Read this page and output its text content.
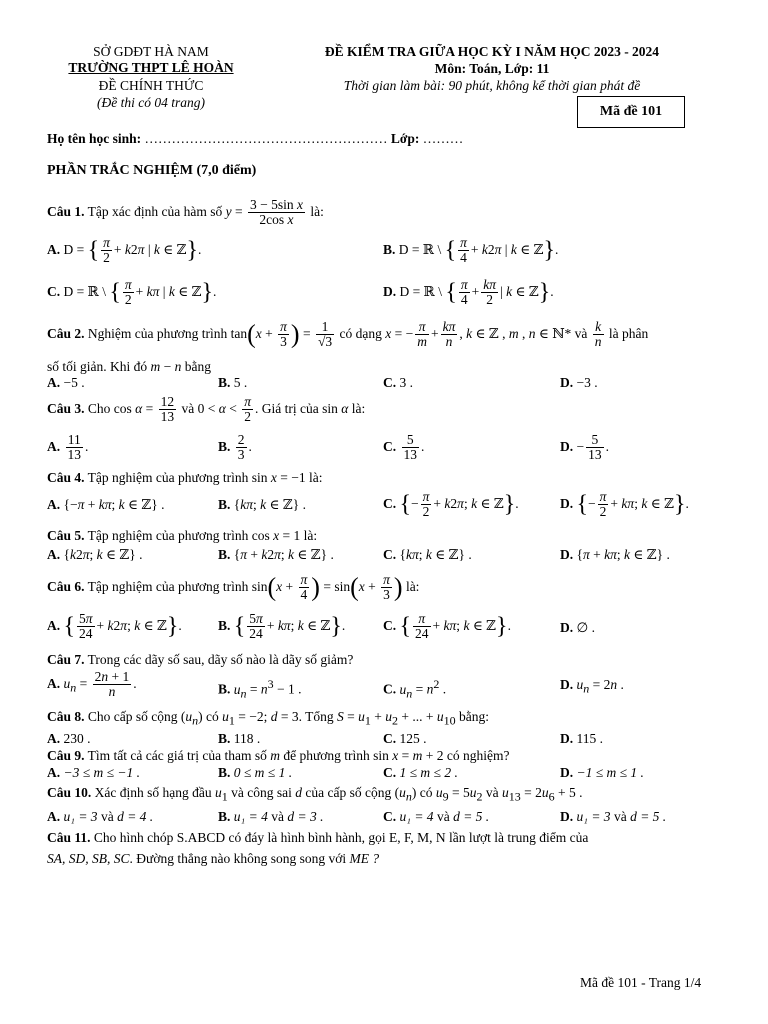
SỞ GDĐT HÀ NAM
TRƯỜNG THPT LÊ HOÀN
ĐỀ CHÍNH THỨC
(Đề thi có 04 trang)
ĐỀ KIỂM TRA GIỮA HỌC KỲ I NĂM HỌC 2023 - 2024
Môn: Toán, Lớp: 11
Thời gian làm bài: 90 phút, không kể thời gian phát đề
Mã đề 101
Họ tên học sinh: ……………………………………………… Lớp: ………
PHẦN TRẮC NGHIỆM (7,0 điểm)
Câu 1. Tập xác định của hàm số $y = \frac{\text{3 − 5sin x}}{\text{2cos x}}$ là:
A. D = { $\frac{\pi}{2} + k2\pi$ | k ∈ ℤ}.	B. D = ℝ \ { $\frac{\pi}{4} + k2\pi$ | k ∈ ℤ}.
C. D = ℝ \ { $\frac{\pi}{2} + k\pi$ | k ∈ ℤ}.	D. D = ℝ \ { $\frac{\pi}{4} + \frac{k\pi}{2}$ | k ∈ ℤ}.
Câu 2. Nghiệm của phương trình $\tan(x + \frac{\pi}{3}$ ) = $\frac{1}{√3}$ có dạng x = − $\frac{\pi}{m} + \frac{k\pi}{n}$ , k ∈ ℤ , m , n ∈ ℕ* và $\frac{k}{n}$ là phân
số tối giản. Khi đó m − n bằng
A. −5 .	B. 5 .	C. 3 .	D. −3 .
Câu 3. Cho $\cos \alpha = \frac{12}{13}$ và $0 < \alpha < \frac{\pi}{2}$ . Giá trị của sin α là:
A. $\frac{11}{13}$ .	B. $\frac{2}{3}$ .	C. $\frac{5}{13}$ .	D. − $\frac{5}{13}$ .
Câu 4. Tập nghiệm của phương trình sin x = −1 là:
A. {−π + kπ; k ∈ ℤ} .	B. {kπ; k ∈ ℤ} .	C. {− $\frac{\pi}{2} + k2\pi$; k ∈ ℤ}.	D. {− $\frac{\pi}{2} + k\pi$; k ∈ ℤ}.
Câu 5. Tập nghiệm của phương trình cos x = 1 là:
A. {k2π; k ∈ ℤ} .	B. {π + k2π; k ∈ ℤ} .	C. {kπ; k ∈ ℤ} .	D. {π + kπ; k ∈ ℤ} .
Câu 6. Tập nghiệm của phương trình $\sin(x + \frac{\pi}{4}$ ) = $\sin(x + \frac{\pi}{3}$ ) là:
A. { $\frac{5\pi}{24} + k2\pi$; k ∈ ℤ}.	B. { $\frac{5\pi}{24} + k\pi$; k ∈ ℤ}.	C. { $\frac{\pi}{24} + k\pi$; k ∈ ℤ}.	D. ∅ .
Câu 7. Trong các dãy số sau, dãy số nào là dãy số giảm?
A. $u_n = \frac{2n + 1}{n}$ .	B. $u_n = n^3 - 1$ .	C. $u_n = n^2$ .	D. $u_n = 2n$ .
Câu 8. Cho cấp số cộng $(u_n)$ có $u_1 = -2$; d = 3. Tổng $S = u_1 + u_2$ + ... + $u_{10}$ bằng:
A. 230 .	B. 118 .	C. 125 .	D. 115 .
Câu 9. Tìm tất cả các giá trị của tham số m để phương trình sin x = m + 2 có nghiệm?
A. −3 ≤ m ≤ −1 .	B. 0 ≤ m ≤ 1 .	C. 1 ≤ m ≤ 2 .	D. −1 ≤ m ≤ 1 .
Câu 10. Xác định số hạng đầu $u_1$ và công sai d của cấp số cộng $(u_n)$ có $u_9 = 5u_2$ và $u_{13} = 2u_6 + 5$ .
A. u₁ = 3 và d = 4 .	B. u₁ = 4 và d = 3 .	C. u₁ = 4 và d = 5 .	D. u₁ = 3 và d = 5 .
Câu 11. Cho hình chóp S.ABCD có đáy là hình bình hành, gọi E, F, M, N lần lượt là trung điểm của
SA, SD, SB, SC. Đường thẳng nào không song song với ME ?
Mã đề 101 - Trang 1/4
